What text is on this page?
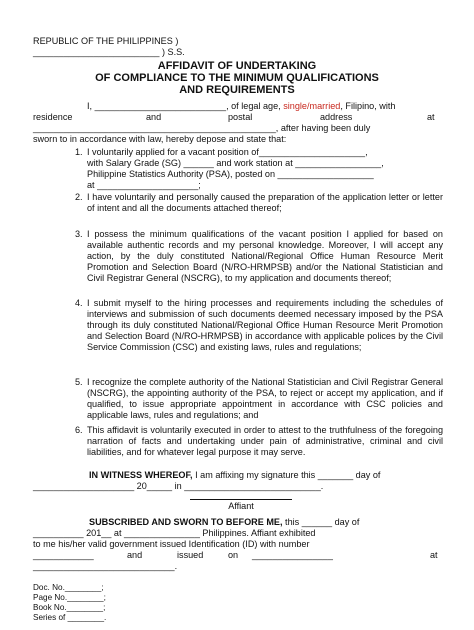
REPUBLIC OF THE PHILIPPINES )
_________________________ ) S.S.
AFFIDAVIT OF UNDERTAKING
OF COMPLIANCE TO THE MINIMUM QUALIFICATIONS
AND REQUIREMENTS
I, __________________________, of legal age, single/married, Filipino, with
residence	and	postal	address	at
________________________________________________, after having been duly
sworn to in accordance with law, hereby depose and state that:
1. I voluntarily applied for a vacant position of_____________________,
with Salary Grade (SG) ______ and work station at _________________,
Philippine Statistics Authority (PSA), posted on ___________________
at ____________________;
2. I have voluntarily and personally caused the preparation of the application letter or letter of intent and all the documents attached thereof;
3. I possess the minimum qualifications of the vacant position I applied for based on available authentic records and my personal knowledge. Moreover, I will accept any action, by the duly constituted National/Regional Office Human Resource Merit Promotion and Selection Board (N/RO-HRMPSB) and/or the National Statistician and Civil Registrar General (NSCRG), to my application and documents thereof;
4. I submit myself to the hiring processes and requirements including the schedules of interviews and submission of such documents deemed necessary imposed by the PSA through its duly constituted National/Regional Office Human Resource Merit Promotion and Selection Board (N/RO-HRMPSB) in accordance with applicable polices by the Civil Service Commission (CSC) and existing laws, rules and regulations;
5. I recognize the complete authority of the National Statistician and Civil Registrar General (NSCRG), the appointing authority of the PSA, to reject or accept my application, and if qualified, to issue appropriate appointment in accordance with CSC policies and applicable laws, rules and regulations; and
6. This affidavit is voluntarily executed in order to attest to the truthfulness of the foregoing narration of facts and undertaking under pain of administrative, criminal and civil liabilities, and for whatever legal purpose it may serve.
IN WITNESS WHEREOF, I am affixing my signature this _______ day of
____________________ 20_____ in ___________________________.
Affiant
SUBSCRIBED AND SWORN TO BEFORE ME, this ______ day of
__________ 201__ at _______________ Philippines. Affiant exhibited
to me his/her valid government issued Identification (ID) with number
____________	and	issued	on ________________	at
____________________________.
Doc. No.________;
Page No.________;
Book No.________;
Series of ________.
